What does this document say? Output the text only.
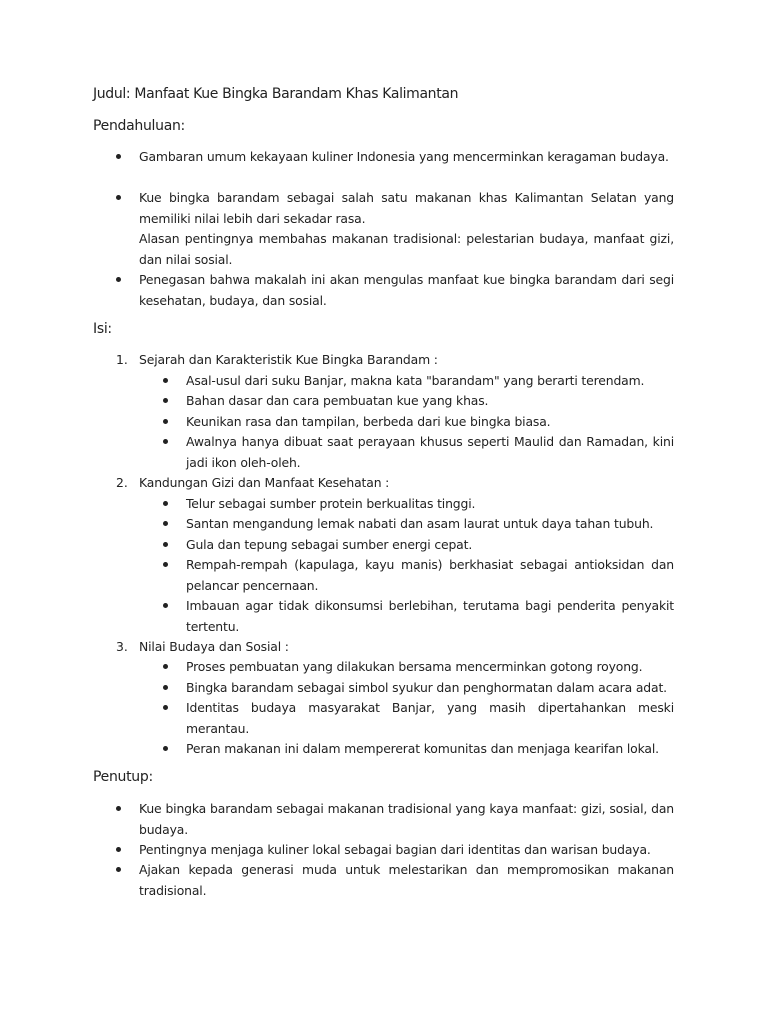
Judul: Manfaat Kue Bingka Barandam Khas Kalimantan
Pendahuluan:

Gambaran umum kekayaan kuliner Indonesia yang mencerminkan keragaman budaya.

Kue bingka barandam sebagai salah satu makanan khas Kalimantan Selatan yang memiliki nilai lebih dari sekadar rasa.

Alasan pentingnya membahas makanan tradisional: pelestarian budaya, manfaat gizi, dan nilai sosial.

Penegasan bahwa makalah ini akan mengulas manfaat kue bingka barandam dari segi kesehatan, budaya, dan sosial.

Isi:
1. Sejarah dan Karakteristik Kue Bingka Barandam :

Asal-usul dari suku Banjar, makna kata "barandam" yang berarti terendam.

Bahan dasar dan cara pembuatan kue yang khas.

Keunikan rasa dan tampilan, berbeda dari kue bingka biasa.

Awalnya hanya dibuat saat perayaan khusus seperti Maulid dan Ramadan, kini jadi ikon oleh-oleh.

2. Kandungan Gizi dan Manfaat Kesehatan :

Telur sebagai sumber protein berkualitas tinggi.

Santan mengandung lemak nabati dan asam laurat untuk daya tahan tubuh.

Gula dan tepung sebagai sumber energi cepat.

Rempah-rempah (kapulaga, kayu manis) berkhasiat sebagai antioksidan dan pelancar pencernaan.

Imbauan agar tidak dikonsumsi berlebihan, terutama bagi penderita penyakit tertentu.

3. Nilai Budaya dan Sosial :

Proses pembuatan yang dilakukan bersama mencerminkan gotong royong.

Bingka barandam sebagai simbol syukur dan penghormatan dalam acara adat.

Identitas budaya masyarakat Banjar, yang masih dipertahankan meski merantau.

Peran makanan ini dalam mempererat komunitas dan menjaga kearifan lokal.

Penutup:

Kue bingka barandam sebagai makanan tradisional yang kaya manfaat: gizi, sosial, dan budaya.

Pentingnya menjaga kuliner lokal sebagai bagian dari identitas dan warisan budaya.

Ajakan kepada generasi muda untuk melestarikan dan mempromosikan makanan tradisional.
